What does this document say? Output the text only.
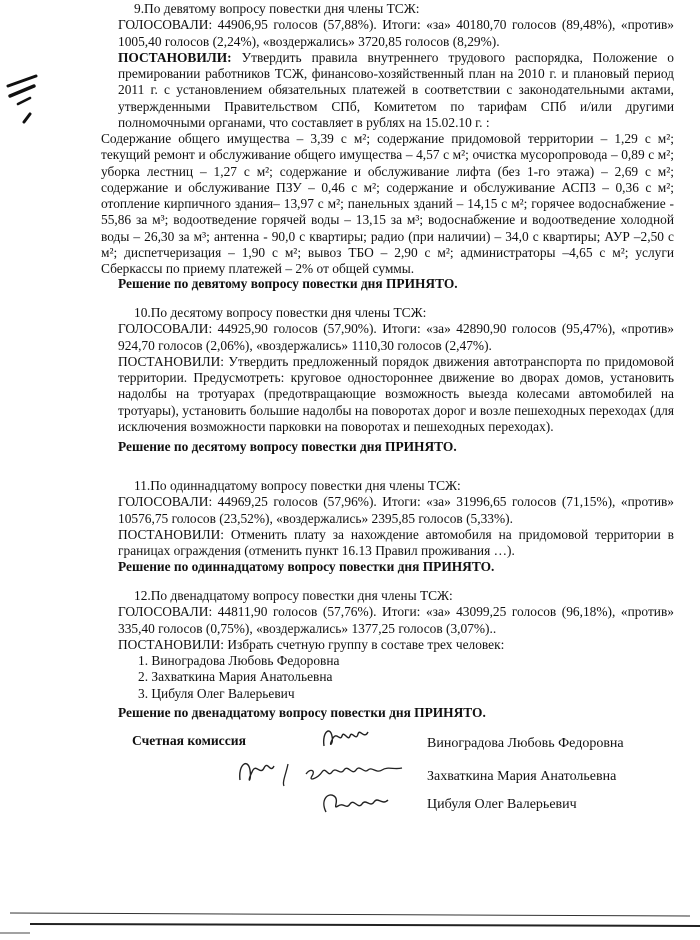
9.По девятому вопросу повестки дня члены ТСЖ:

ГОЛОСОВАЛИ: 44906,95 голосов (57,88%). Итоги: «за» 40180,70 голосов (89,48%), «против» 1005,40 голосов (2,24%), «воздержались» 3720,85 голосов (8,29%).

ПОСТАНОВИЛИ: Утвердить правила внутреннего трудового распорядка, Положение о премировании работников ТСЖ, финансово-хозяйственный план на 2010 г. и плановый период 2011 г. с установлением обязательных платежей в соответствии с законодательными актами, утвержденными Правительством СПб, Комитетом по тарифам СПб и/или другими полномочными органами, что составляет в рублях на 15.02.10 г. :

Содержание общего имущества – 3,39 с м²; содержание придомовой территории – 1,29 с м²; текущий ремонт и обслуживание общего имущества – 4,57 с м²; очистка мусоропровода – 0,89 с м²; уборка лестниц – 1,27 с м²; содержание и обслуживание лифта (без 1-го этажа) – 2,69 с м²; содержание и обслуживание ПЗУ – 0,46 с м²; содержание и обслуживание АСПЗ – 0,36 с м²; отопление кирпичного здания– 13,97 с м²; панельных зданий – 14,15 с м²; горячее водоснабжение - 55,86 за м³; водоотведение горячей воды – 13,15 за м³; водоснабжение и водоотведение холодной воды – 26,30 за м³; антенна - 90,0 с квартиры; радио (при наличии) – 34,0 с квартиры; АУР –2,50 с м²; диспетчеризация – 1,90 с м²; вывоз ТБО – 2,90 с м²; администраторы –4,65 с м²; услуги Сберкассы по приему платежей – 2% от общей суммы.

Решение по девятому вопросу повестки дня ПРИНЯТО.

10.По десятому вопросу повестки дня члены ТСЖ:

ГОЛОСОВАЛИ: 44925,90 голосов (57,90%). Итоги: «за» 42890,90 голосов (95,47%), «против» 924,70 голосов (2,06%), «воздержались» 1110,30 голосов (2,47%).

ПОСТАНОВИЛИ: Утвердить предложенный порядок движения автотранспорта по придомовой территории. Предусмотреть: круговое одностороннее движение во дворах домов, установить надолбы на тротуарах (предотвращающие возможность выезда колесами автомобилей на тротуары), установить большие надолбы на поворотах дорог и возле пешеходных переходах (для исключения возможности парковки на поворотах и пешеходных переходах).

Решение по десятому вопросу повестки дня ПРИНЯТО.

11.По одиннадцатому вопросу повестки дня члены ТСЖ:

ГОЛОСОВАЛИ: 44969,25 голосов (57,96%). Итоги: «за» 31996,65 голосов (71,15%), «против» 10576,75 голосов (23,52%), «воздержались» 2395,85 голосов (5,33%).

ПОСТАНОВИЛИ: Отменить плату за нахождение автомобиля на придомовой территории в границах ограждения (отменить пункт 16.13 Правил проживания …).

Решение по одиннадцатому вопросу повестки дня ПРИНЯТО.

12.По двенадцатому вопросу повестки дня члены ТСЖ:

ГОЛОСОВАЛИ: 44811,90 голосов (57,76%). Итоги: «за» 43099,25 голосов (96,18%), «против» 335,40 голосов (0,75%), «воздержались» 1377,25 голосов (3,07%)..

ПОСТАНОВИЛИ: Избрать счетную группу в составе трех человек:

1. Виноградова Любовь Федоровна
2. Захваткина Мария Анатольевна
3. Цибуля Олег Валерьевич

Решение по двенадцатому вопросу повестки дня ПРИНЯТО.

Счетная комиссия	Виноградова Любовь Федоровна
Захваткина Мария Анатольевна
Цибуля Олег Валерьевич
